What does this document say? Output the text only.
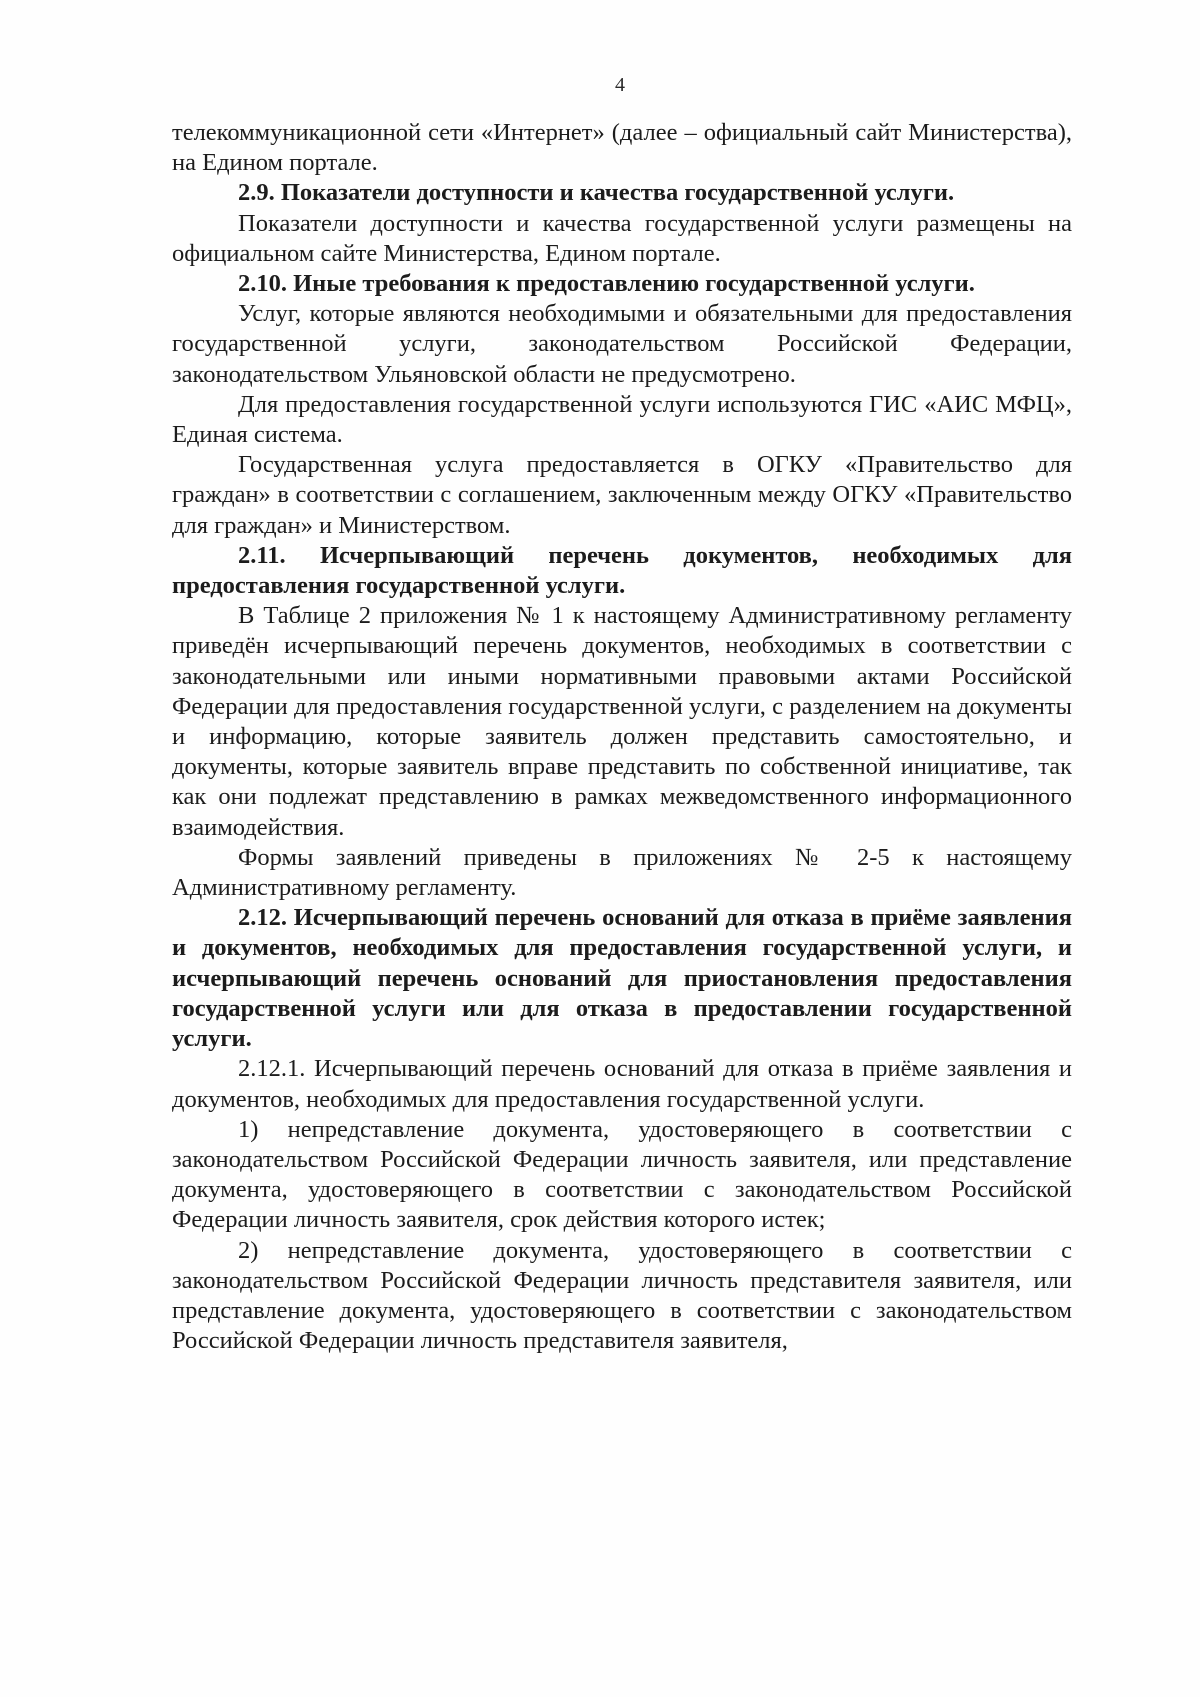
4

телекоммуникационной сети «Интернет» (далее – официальный сайт Министерства), на Едином портале.

2.9. Показатели доступности и качества государственной услуги.

Показатели доступности и качества государственной услуги размещены на официальном сайте Министерства, Едином портале.

2.10. Иные требования к предоставлению государственной услуги.

Услуг, которые являются необходимыми и обязательными для предоставления государственной услуги, законодательством Российской Федерации, законодательством Ульяновской области не предусмотрено.

Для предоставления государственной услуги используются ГИС «АИС МФЦ», Единая система.

Государственная услуга предоставляется в ОГКУ «Правительство для граждан» в соответствии с соглашением, заключенным между ОГКУ «Правительство для граждан» и Министерством.

2.11. Исчерпывающий перечень документов, необходимых для предоставления государственной услуги.

В Таблице 2 приложения № 1 к настоящему Административному регламенту приведён исчерпывающий перечень документов, необходимых в соответствии с законодательными или иными нормативными правовыми актами Российской Федерации для предоставления государственной услуги, с разделением на документы и информацию, которые заявитель должен представить самостоятельно, и документы, которые заявитель вправе представить по собственной инициативе, так как они подлежат представлению в рамках межведомственного информационного взаимодействия.

Формы заявлений приведены в приложениях № 2-5 к настоящему Административному регламенту.

2.12. Исчерпывающий перечень оснований для отказа в приёме заявления и документов, необходимых для предоставления государственной услуги, и исчерпывающий перечень оснований для приостановления предоставления государственной услуги или для отказа в предоставлении государственной услуги.

2.12.1. Исчерпывающий перечень оснований для отказа в приёме заявления и документов, необходимых для предоставления государственной услуги.

1) непредставление документа, удостоверяющего в соответствии с законодательством Российской Федерации личность заявителя, или представление документа, удостоверяющего в соответствии с законодательством Российской Федерации личность заявителя, срок действия которого истек;

2) непредставление документа, удостоверяющего в соответствии с законодательством Российской Федерации личность представителя заявителя, или представление документа, удостоверяющего в соответствии с законодательством Российской Федерации личность представителя заявителя,
